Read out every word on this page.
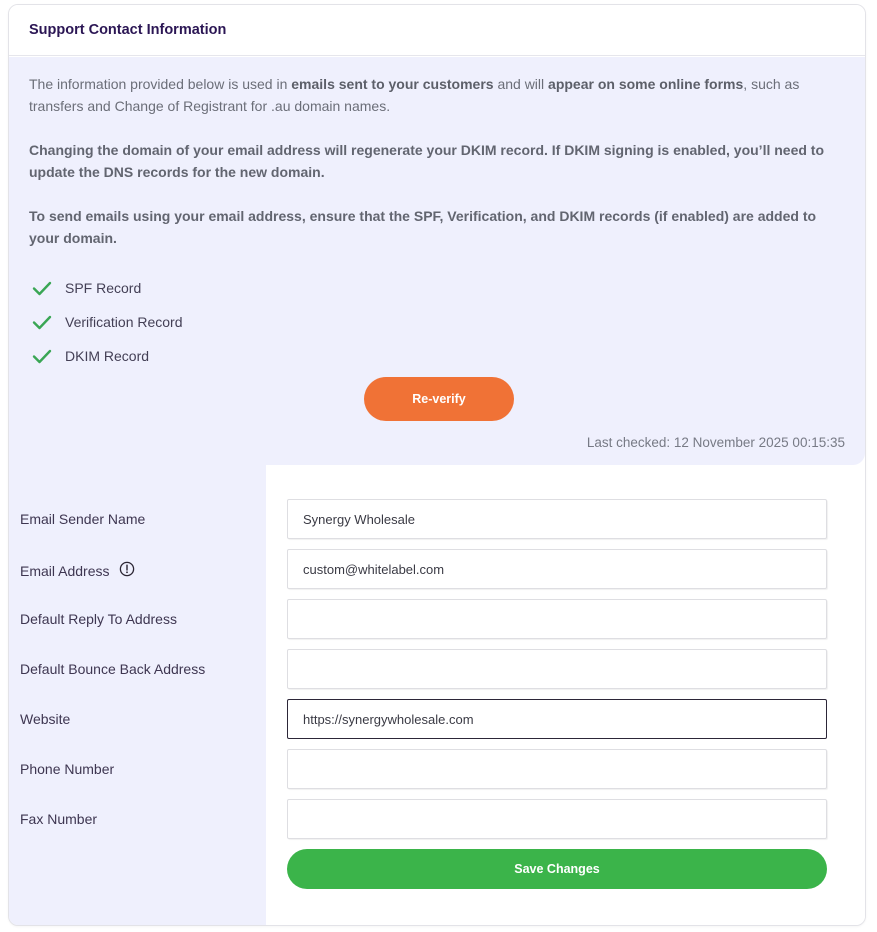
Support Contact Information

The information provided below is used in emails sent to your customers and will appear on some online forms, such as transfers and Change of Registrant for .au domain names.

Changing the domain of your email address will regenerate your DKIM record. If DKIM signing is enabled, you’ll need to update the DNS records for the new domain.

To send emails using your email address, ensure that the SPF, Verification, and DKIM records (if enabled) are added to your domain.

SPF Record
Verification Record
DKIM Record
Re-verify
Last checked: 12 November 2025 00:15:35
Email Sender Name
Email Address
Default Reply To Address
Default Bounce Back Address
Website
Phone Number
Fax Number
Synergy Wholesale
custom@whitelabel.com
https://synergywholesale.com
Save Changes
